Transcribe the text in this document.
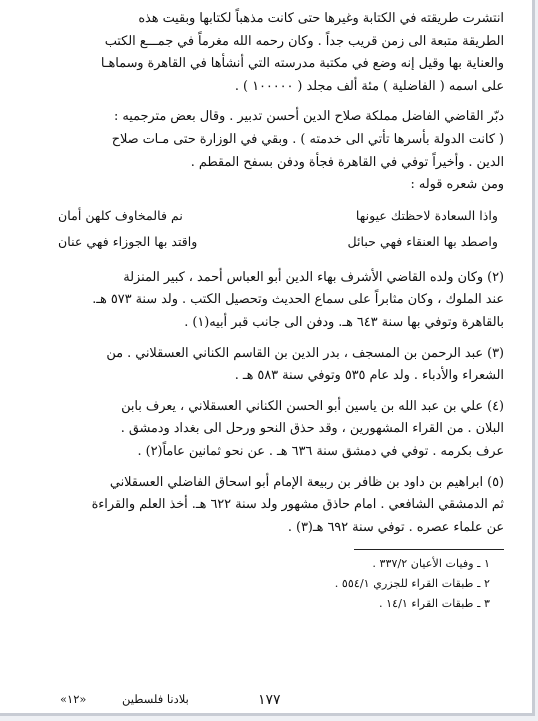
انتشرت طريقته في الكتابة وغيرها حتى كانت مذهباً لكتابها وبقيت هذه
الطريقة متبعة الى زمن قريب جداً . وكان رحمه الله مغرماً في جمـــع الكتب
والعناية بها وقيل إنه وضع في مكتبة مدرسته التي أنشأها في القاهرة وسماهـا
على اسمه ( الفاضلية ) مئة ألف مجلد ( ١٠٠٠٠٠ ) .

دبّر القاضي الفاضل مملكة صلاح الدين أحسن تدبير . وقال بعض مترجميه :
( كانت الدولة بأسرها تأتي الى خدمته ) . وبقي في الوزارة حتى مـات صلاح
الدين . وأخيراً توفي في القاهرة فجأة ودفن بسفح المقطم .
ومن شعره قوله :

واذا السعادة لاحظتك عيونها
نم فالمخاوف كلهن أمان
واصطد بها العنقاء فهي حبائل
واقتد بها الجوزاء فهي عنان

(٢) وكان ولده القاضي الأشرف بهاء الدين أبو العباس أحمد ، كبير المنزلة
عند الملوك ، وكان مثابراً على سماع الحديث وتحصيل الكتب . ولد سنة ٥٧٣ هـ.
بالقاهرة وتوفي بها سنة ٦٤٣ هـ. ودفن الى جانب قبر أبيه(١) .

(٣) عبد الرحمن بن المسجف ، بدر الدين بن القاسم الكناني العسقلاني . من
الشعراء والأدباء . ولد عام ٥٣٥ وتوفي سنة ٥٨٣ هـ .

(٤) علي بن عبد الله بن ياسين أبو الحسن الكناني العسقلاني ، يعرف بابن
البلان . من القراء المشهورين ، وقد حذق النحو ورحل الى بغداد ودمشق .
عرف بكرمه . توفي في دمشق سنة ٦٣٦ هـ . عن نحو ثمانين عاماً(٢) .

(٥) ابراهيم بن داود بن ظافر بن ربيعة الإمام أبو اسحاق الفاضلي العسقلاني
ثم الدمشقي الشافعي . امام حاذق مشهور ولد سنة ٦٢٢ هـ. أخذ العلم والقراءة
عن علماء عصره . توفي سنة ٦٩٢ هـ(٣) .

١ ـ وفيات الأعيان ٣٣٧/٢ .
٢ ـ طبقات القراء للجزري ٥٥٤/١ .
٣ ـ طبقات القراء ١٤/١ .
بلادنا فلسطين
«١٢»	١٧٧
